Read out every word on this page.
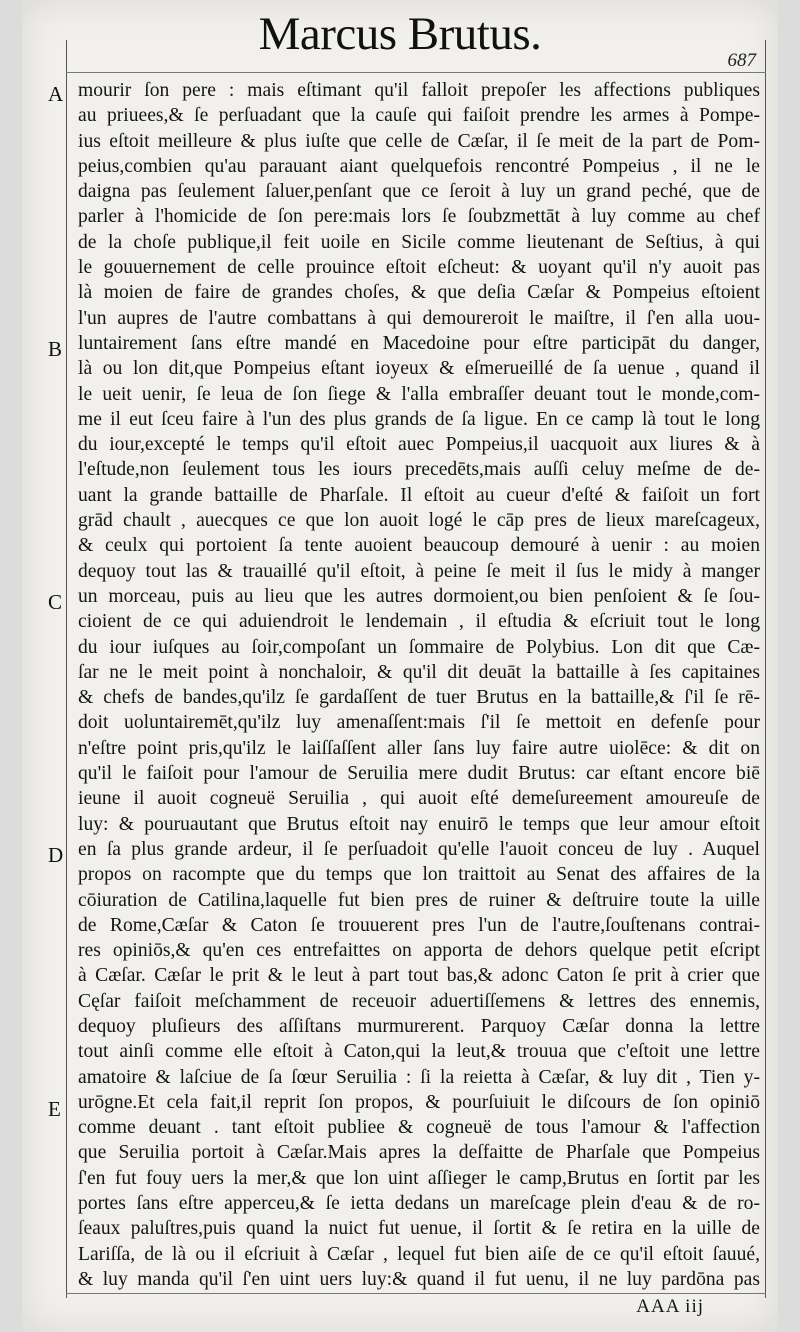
Marcus Brutus.
687
A
B
C
D
E
mourir ſon pere : mais eſtimant qu'il falloit prepoſer les affections publiques
au priuees,& ſe perſuadant que la cauſe qui faiſoit prendre les armes à Pompe-
ius eſtoit meilleure & plus iuſte que celle de Cæſar, il ſe meit de la part de Pom-
peius,combien qu'au parauant aiant quelquefois rencontré Pompeius , il ne le
daigna pas ſeulement ſaluer,penſant que ce ſeroit à luy un grand peché, que de
parler à l'homicide de ſon pere:mais lors ſe ſoubzmettāt à luy comme au chef
de la choſe publique,il feit uoile en Sicile comme lieutenant de Seſtius, à qui
le gouuernement de celle prouince eſtoit eſcheut: & uoyant qu'il n'y auoit pas
là moien de faire de grandes choſes, & que deſia Cæſar & Pompeius eſtoient
l'un aupres de l'autre combattans à qui demoureroit le maiſtre, il ſ'en alla uou-
luntairement ſans eſtre mandé en Macedoine pour eſtre participāt du danger,
là ou lon dit,que Pompeius eſtant ioyeux & eſmerueillé de ſa uenue , quand il
le ueit uenir, ſe leua de ſon ſiege & l'alla embraſſer deuant tout le monde,com-
me il eut ſceu faire à l'un des plus grands de ſa ligue. En ce camp là tout le long
du iour,excepté le temps qu'il eſtoit auec Pompeius,il uacquoit aux liures & à
l'eſtude,non ſeulement tous les iours precedēts,mais auſſi celuy meſme de de-
uant la grande battaille de Pharſale. Il eſtoit au cueur d'eſté & faiſoit un fort
grād chault , auecques ce que lon auoit logé le cāp pres de lieux mareſcageux,
& ceulx qui portoient ſa tente auoient beaucoup demouré à uenir : au moien
dequoy tout las & trauaillé qu'il eſtoit, à peine ſe meit il ſus le midy à manger
un morceau, puis au lieu que les autres dormoient,ou bien penſoient & ſe ſou-
cioient de ce qui aduiendroit le lendemain , il eſtudia & eſcriuit tout le long
du iour iuſques au ſoir,compoſant un ſommaire de Polybius. Lon dit que Cæ-
ſar ne le meit point à nonchaloir, & qu'il dit deuāt la battaille à ſes capitaines
& chefs de bandes,qu'ilz ſe gardaſſent de tuer Brutus en la battaille,& ſ'il ſe rē-
doit uoluntairemēt,qu'ilz luy amenaſſent:mais ſ'il ſe mettoit en defenſe pour
n'eſtre point pris,qu'ilz le laiſſaſſent aller ſans luy faire autre uiolēce: & dit on
qu'il le faiſoit pour l'amour de Seruilia mere dudit Brutus: car eſtant encore biē
ieune il auoit cogneuë Seruilia , qui auoit eſté demeſureement amoureuſe de
luy: & pouruautant que Brutus eſtoit nay enuirō le temps que leur amour eſtoit
en ſa plus grande ardeur, il ſe perſuadoit qu'elle l'auoit conceu de luy . Auquel
propos on racompte que du temps que lon traittoit au Senat des affaires de la
cōiuration de Catilina,laquelle fut bien pres de ruiner & deſtruire toute la uille
de Rome,Cæſar & Caton ſe trouuerent pres l'un de l'autre,ſouſtenans contrai-
res opiniōs,& qu'en ces entrefaittes on apporta de dehors quelque petit eſcript
à Cæſar. Cæſar le prit & le leut à part tout bas,& adonc Caton ſe prit à crier que
Cęſar faiſoit meſchamment de receuoir aduertiſſemens & lettres des ennemis,
dequoy pluſieurs des aſſiſtans murmurerent. Parquoy Cæſar donna la lettre
tout ainſi comme elle eſtoit à Caton,qui la leut,& trouua que c'eſtoit une lettre
amatoire & laſciue de ſa ſœur Seruilia : ſi la reietta à Cæſar, & luy dit , Tien y-
urōgne.Et cela fait,il reprit ſon propos, & pourſuiuit le diſcours de ſon opiniō
comme deuant . tant eſtoit publiee & cogneuë de tous l'amour & l'affection
que Seruilia portoit à Cæſar.Mais apres la deſfaitte de Pharſale que Pompeius
ſ'en fut fouy uers la mer,& que lon uint aſſieger le camp,Brutus en ſortit par les
portes ſans eſtre apperceu,& ſe ietta dedans un mareſcage plein d'eau & de ro-
ſeaux paluſtres,puis quand la nuict fut uenue, il ſortit & ſe retira en la uille de
Lariſſa, de là ou il eſcriuit à Cæſar , lequel fut bien aiſe de ce qu'il eſtoit ſauué,
& luy manda qu'il ſ'en uint uers luy:& quand il fut uenu, il ne luy pardōna pas
AAA iij
